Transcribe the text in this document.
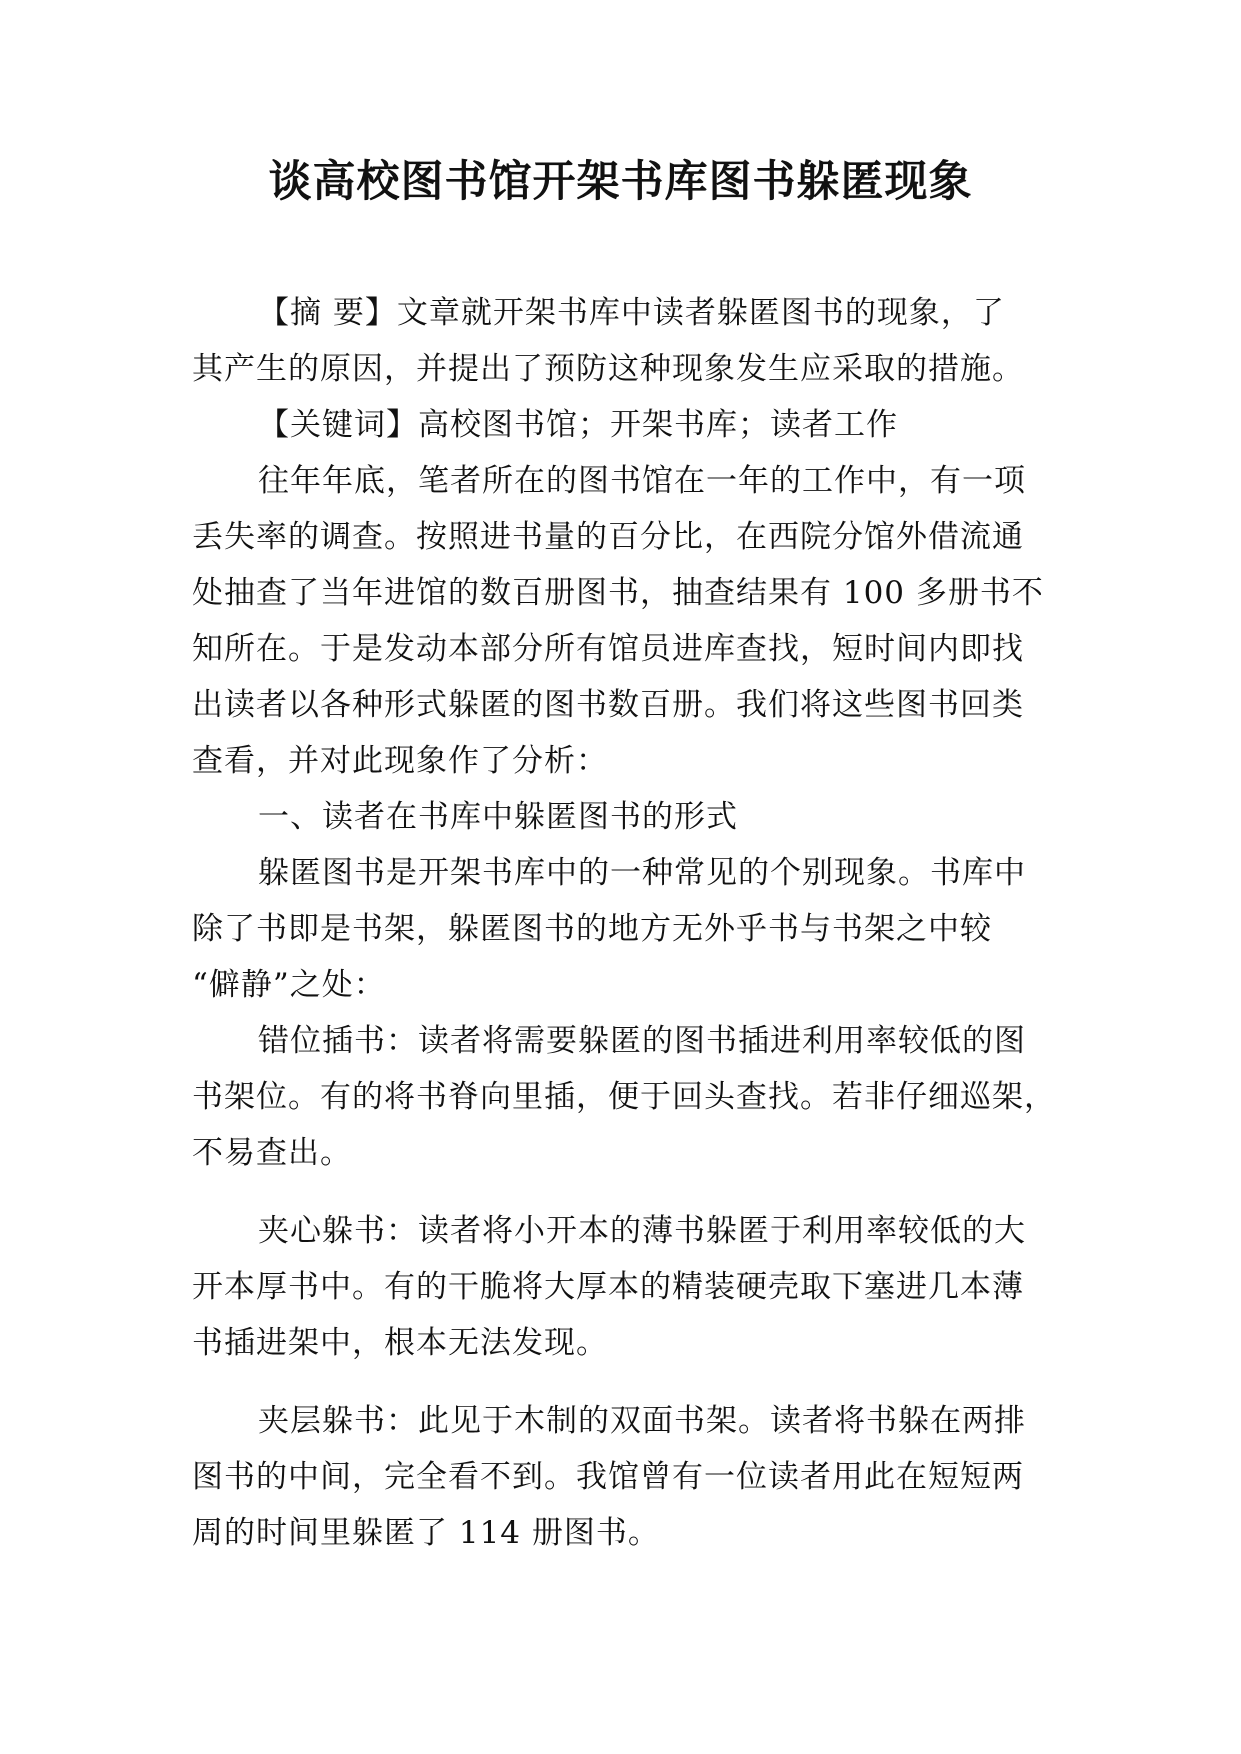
谈高校图书馆开架书库图书躲匿现象
【摘 要】文章就开架书库中读者躲匿图书的现象，了
其产生的原因，并提出了预防这种现象发生应采取的措施。
【关键词】高校图书馆；开架书库；读者工作
往年年底，笔者所在的图书馆在一年的工作中，有一项
丢失率的调查。按照进书量的百分比，在西院分馆外借流通
处抽查了当年进馆的数百册图书，抽查结果有 100 多册书不
知所在。于是发动本部分所有馆员进库查找，短时间内即找
出读者以各种形式躲匿的图书数百册。我们将这些图书回类
查看，并对此现象作了分析：
一、读者在书库中躲匿图书的形式
躲匿图书是开架书库中的一种常见的个别现象。书库中
除了书即是书架，躲匿图书的地方无外乎书与书架之中较
“僻静”之处：
错位插书：读者将需要躲匿的图书插进利用率较低的图
书架位。有的将书脊向里插，便于回头查找。若非仔细巡架，
不易查出。
夹心躲书：读者将小开本的薄书躲匿于利用率较低的大
开本厚书中。有的干脆将大厚本的精装硬壳取下塞进几本薄
书插进架中，根本无法发现。
夹层躲书：此见于木制的双面书架。读者将书躲在两排
图书的中间，完全看不到。我馆曾有一位读者用此在短短两
周的时间里躲匿了 114 册图书。
